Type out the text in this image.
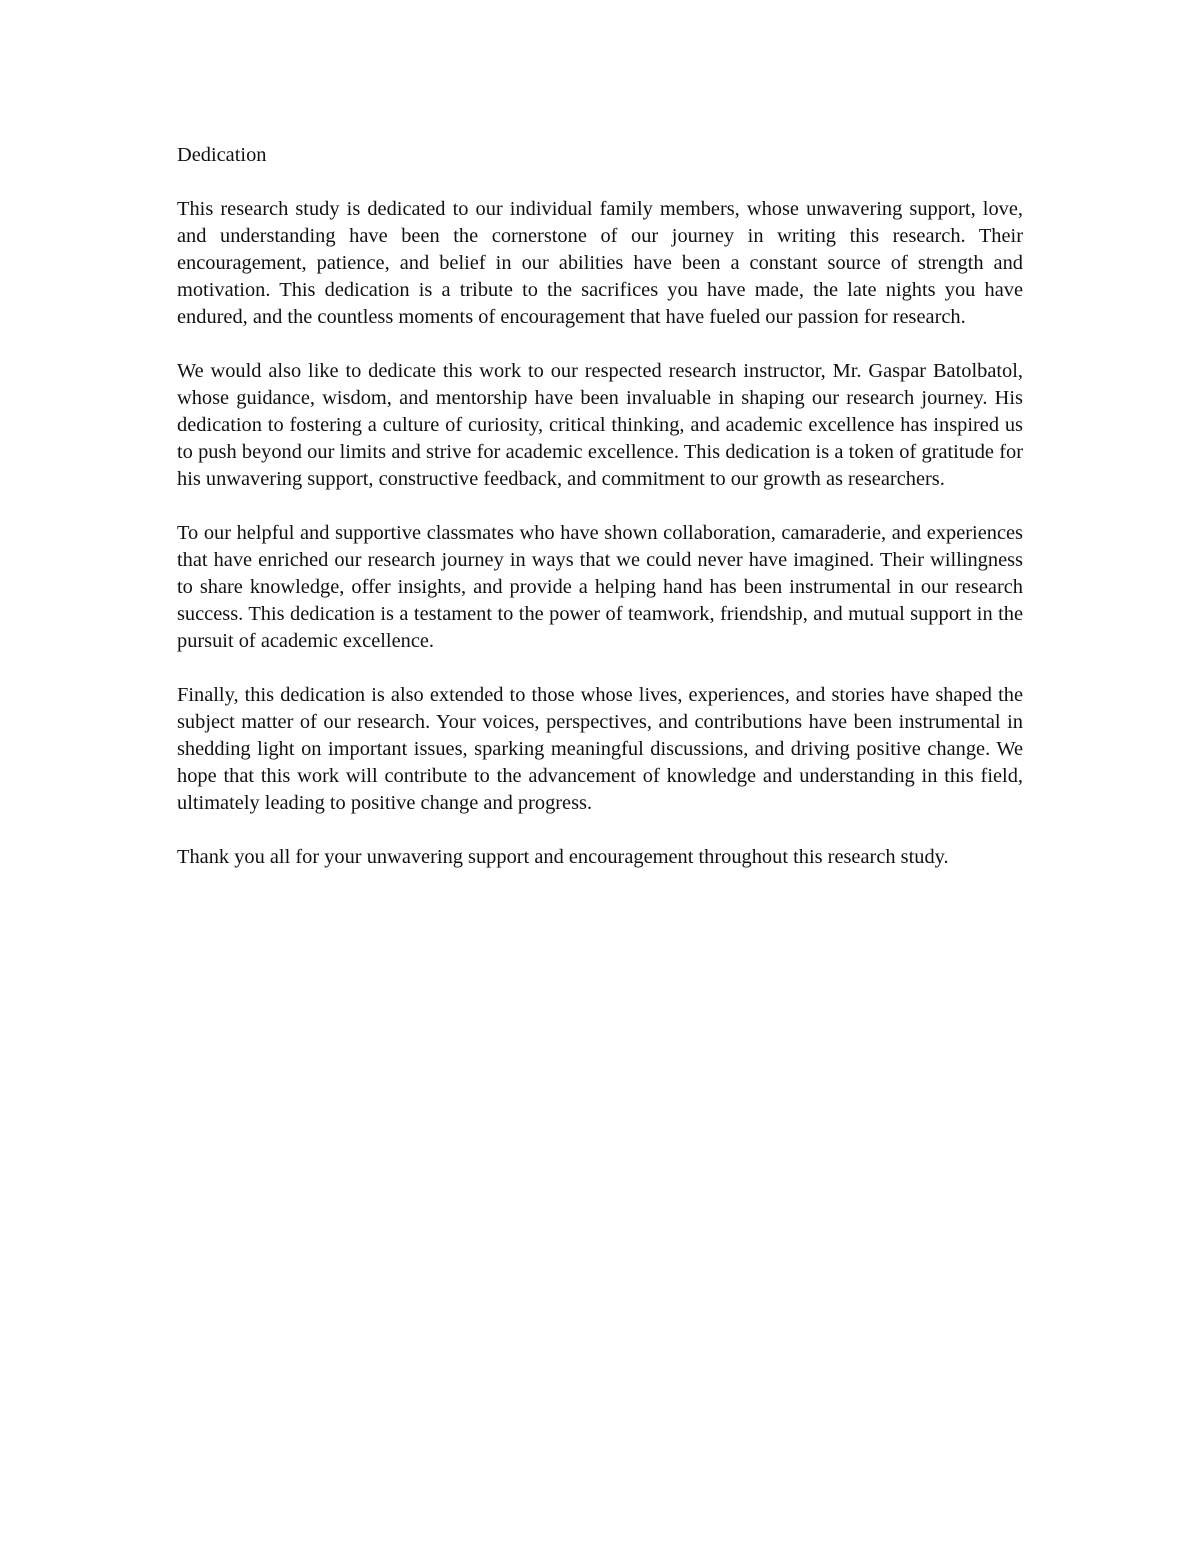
Dedication

This research study is dedicated to our individual family members, whose unwavering support, love, and understanding have been the cornerstone of our journey in writing this research. Their encouragement, patience, and belief in our abilities have been a constant source of strength and motivation. This dedication is a tribute to the sacrifices you have made, the late nights you have endured, and the countless moments of encouragement that have fueled our passion for research.

We would also like to dedicate this work to our respected research instructor, Mr. Gaspar Batolbatol, whose guidance, wisdom, and mentorship have been invaluable in shaping our research journey. His dedication to fostering a culture of curiosity, critical thinking, and academic excellence has inspired us to push beyond our limits and strive for academic excellence. This dedication is a token of gratitude for his unwavering support, constructive feedback, and commitment to our growth as researchers.

To our helpful and supportive classmates who have shown collaboration, camaraderie, and experiences that have enriched our research journey in ways that we could never have imagined. Their willingness to share knowledge, offer insights, and provide a helping hand has been instrumental in our research success. This dedication is a testament to the power of teamwork, friendship, and mutual support in the pursuit of academic excellence.

Finally, this dedication is also extended to those whose lives, experiences, and stories have shaped the subject matter of our research. Your voices, perspectives, and contributions have been instrumental in shedding light on important issues, sparking meaningful discussions, and driving positive change. We hope that this work will contribute to the advancement of knowledge and understanding in this field, ultimately leading to positive change and progress.

Thank you all for your unwavering support and encouragement throughout this research study.
